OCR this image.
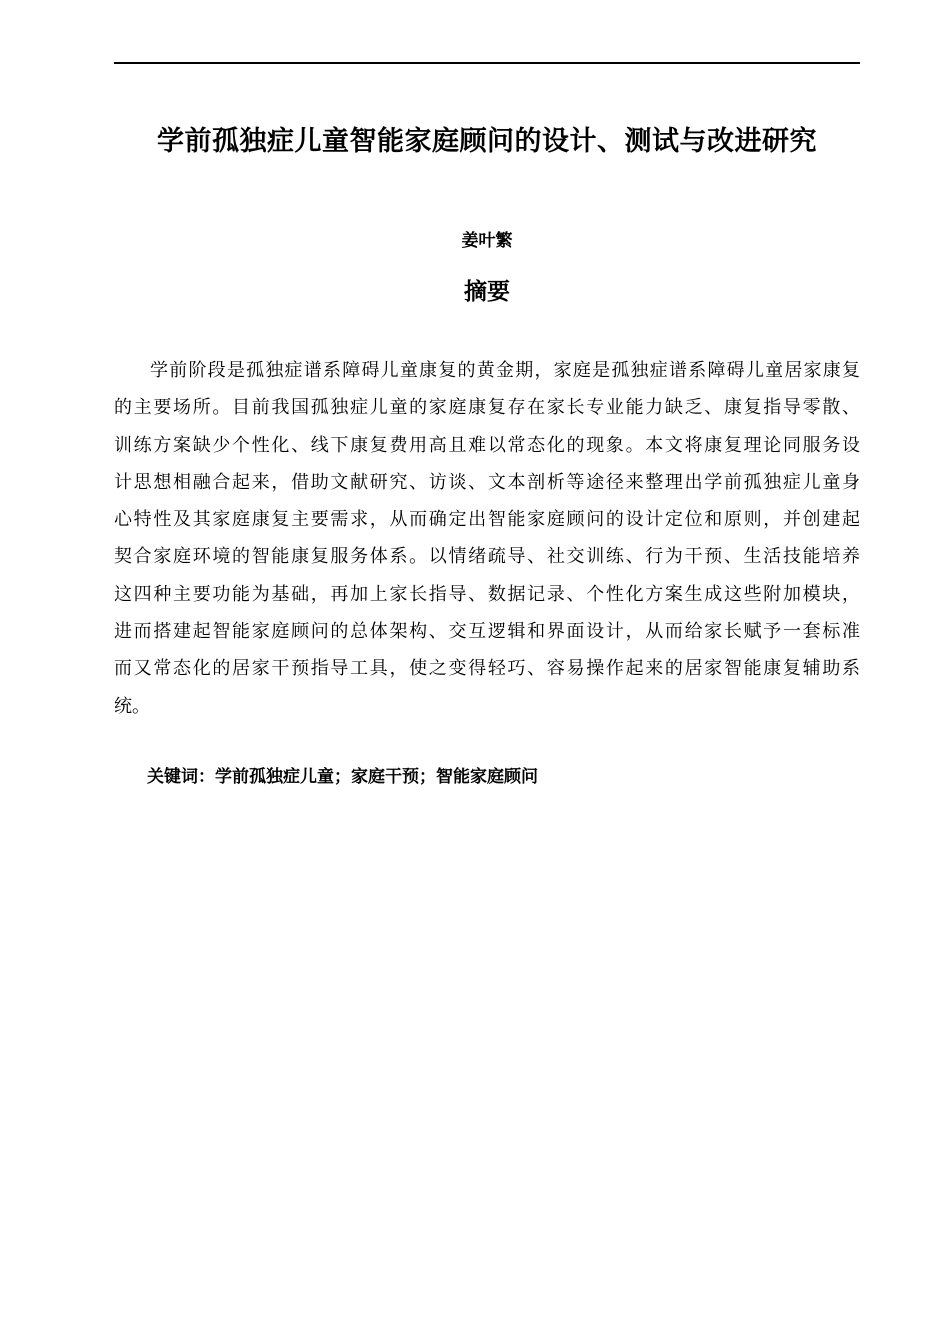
学前孤独症儿童智能家庭顾问的设计、测试与改进研究
姜叶繁
摘要
学前阶段是孤独症谱系障碍儿童康复的黄金期，家庭是孤独症谱系障碍儿童居家康复
的主要场所。目前我国孤独症儿童的家庭康复存在家长专业能力缺乏、康复指导零散、
训练方案缺少个性化、线下康复费用高且难以常态化的现象。本文将康复理论同服务设
计思想相融合起来，借助文献研究、访谈、文本剖析等途径来整理出学前孤独症儿童身
心特性及其家庭康复主要需求，从而确定出智能家庭顾问的设计定位和原则，并创建起
契合家庭环境的智能康复服务体系。以情绪疏导、社交训练、行为干预、生活技能培养
这四种主要功能为基础，再加上家长指导、数据记录、个性化方案生成这些附加模块，
进而搭建起智能家庭顾问的总体架构、交互逻辑和界面设计，从而给家长赋予一套标准
而又常态化的居家干预指导工具，使之变得轻巧、容易操作起来的居家智能康复辅助系
统。
关键词：学前孤独症儿童；家庭干预；智能家庭顾问
